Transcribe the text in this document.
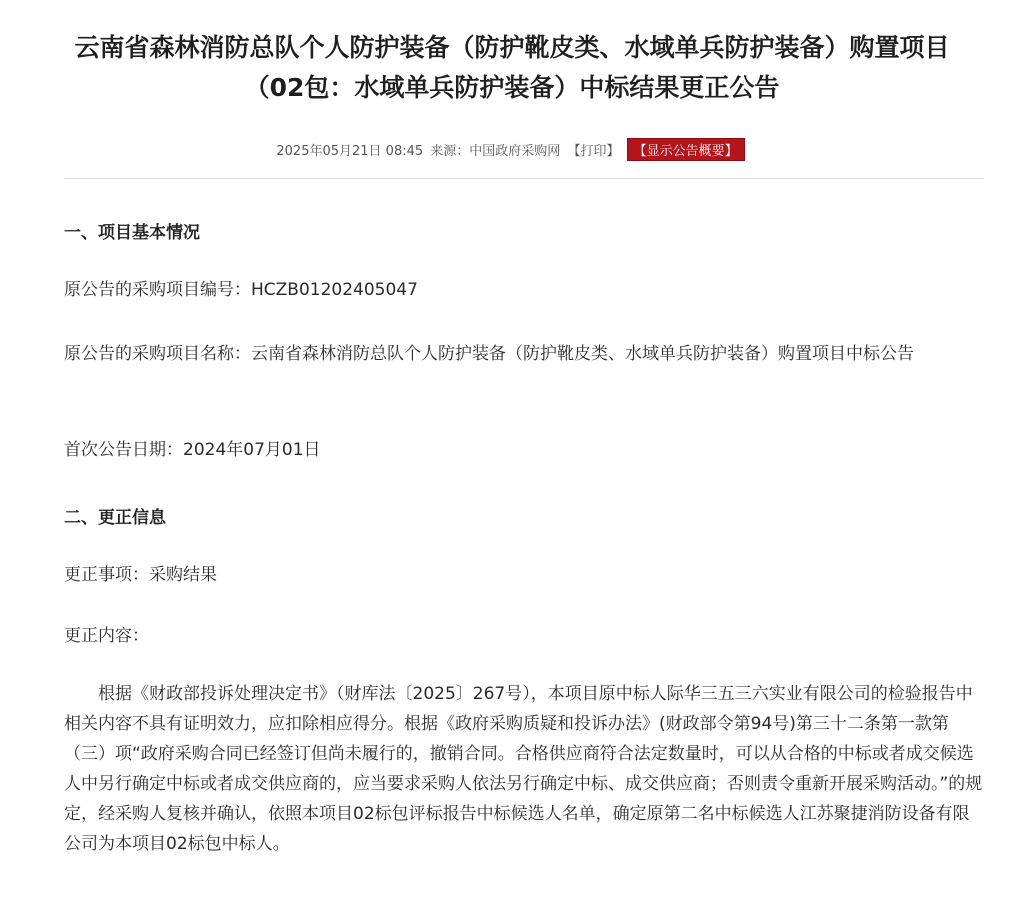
云南省森林消防总队个人防护装备（防护靴皮类、水域单兵防护装备）购置项目
（02包：水域单兵防护装备）中标结果更正公告
2025年05月21日 08:45 来源：中国政府采购网 【打印】 【显示公告概要】
一、项目基本情况
原公告的采购项目编号：HCZB01202405047
原公告的采购项目名称：云南省森林消防总队个人防护装备（防护靴皮类、水域单兵防护装备）购置项目中标公告
首次公告日期：2024年07月01日
二、更正信息
更正事项：采购结果
更正内容：
根据《财政部投诉处理决定书》（财库法〔2025〕267号），本项目原中标人际华三五三六实业有限公司的检验报告中相关内容不具有证明效力，应扣除相应得分。根据《政府采购质疑和投诉办法》(财政部令第94号)第三十二条第一款第（三）项“政府采购合同已经签订但尚未履行的，撤销合同。合格供应商符合法定数量时，可以从合格的中标或者成交候选人中另行确定中标或者成交供应商的，应当要求采购人依法另行确定中标、成交供应商；否则责令重新开展采购活动。”的规定，经采购人复核并确认，依照本项目02标包评标报告中标候选人名单，确定原第二名中标候选人江苏聚捷消防设备有限公司为本项目02标包中标人。
